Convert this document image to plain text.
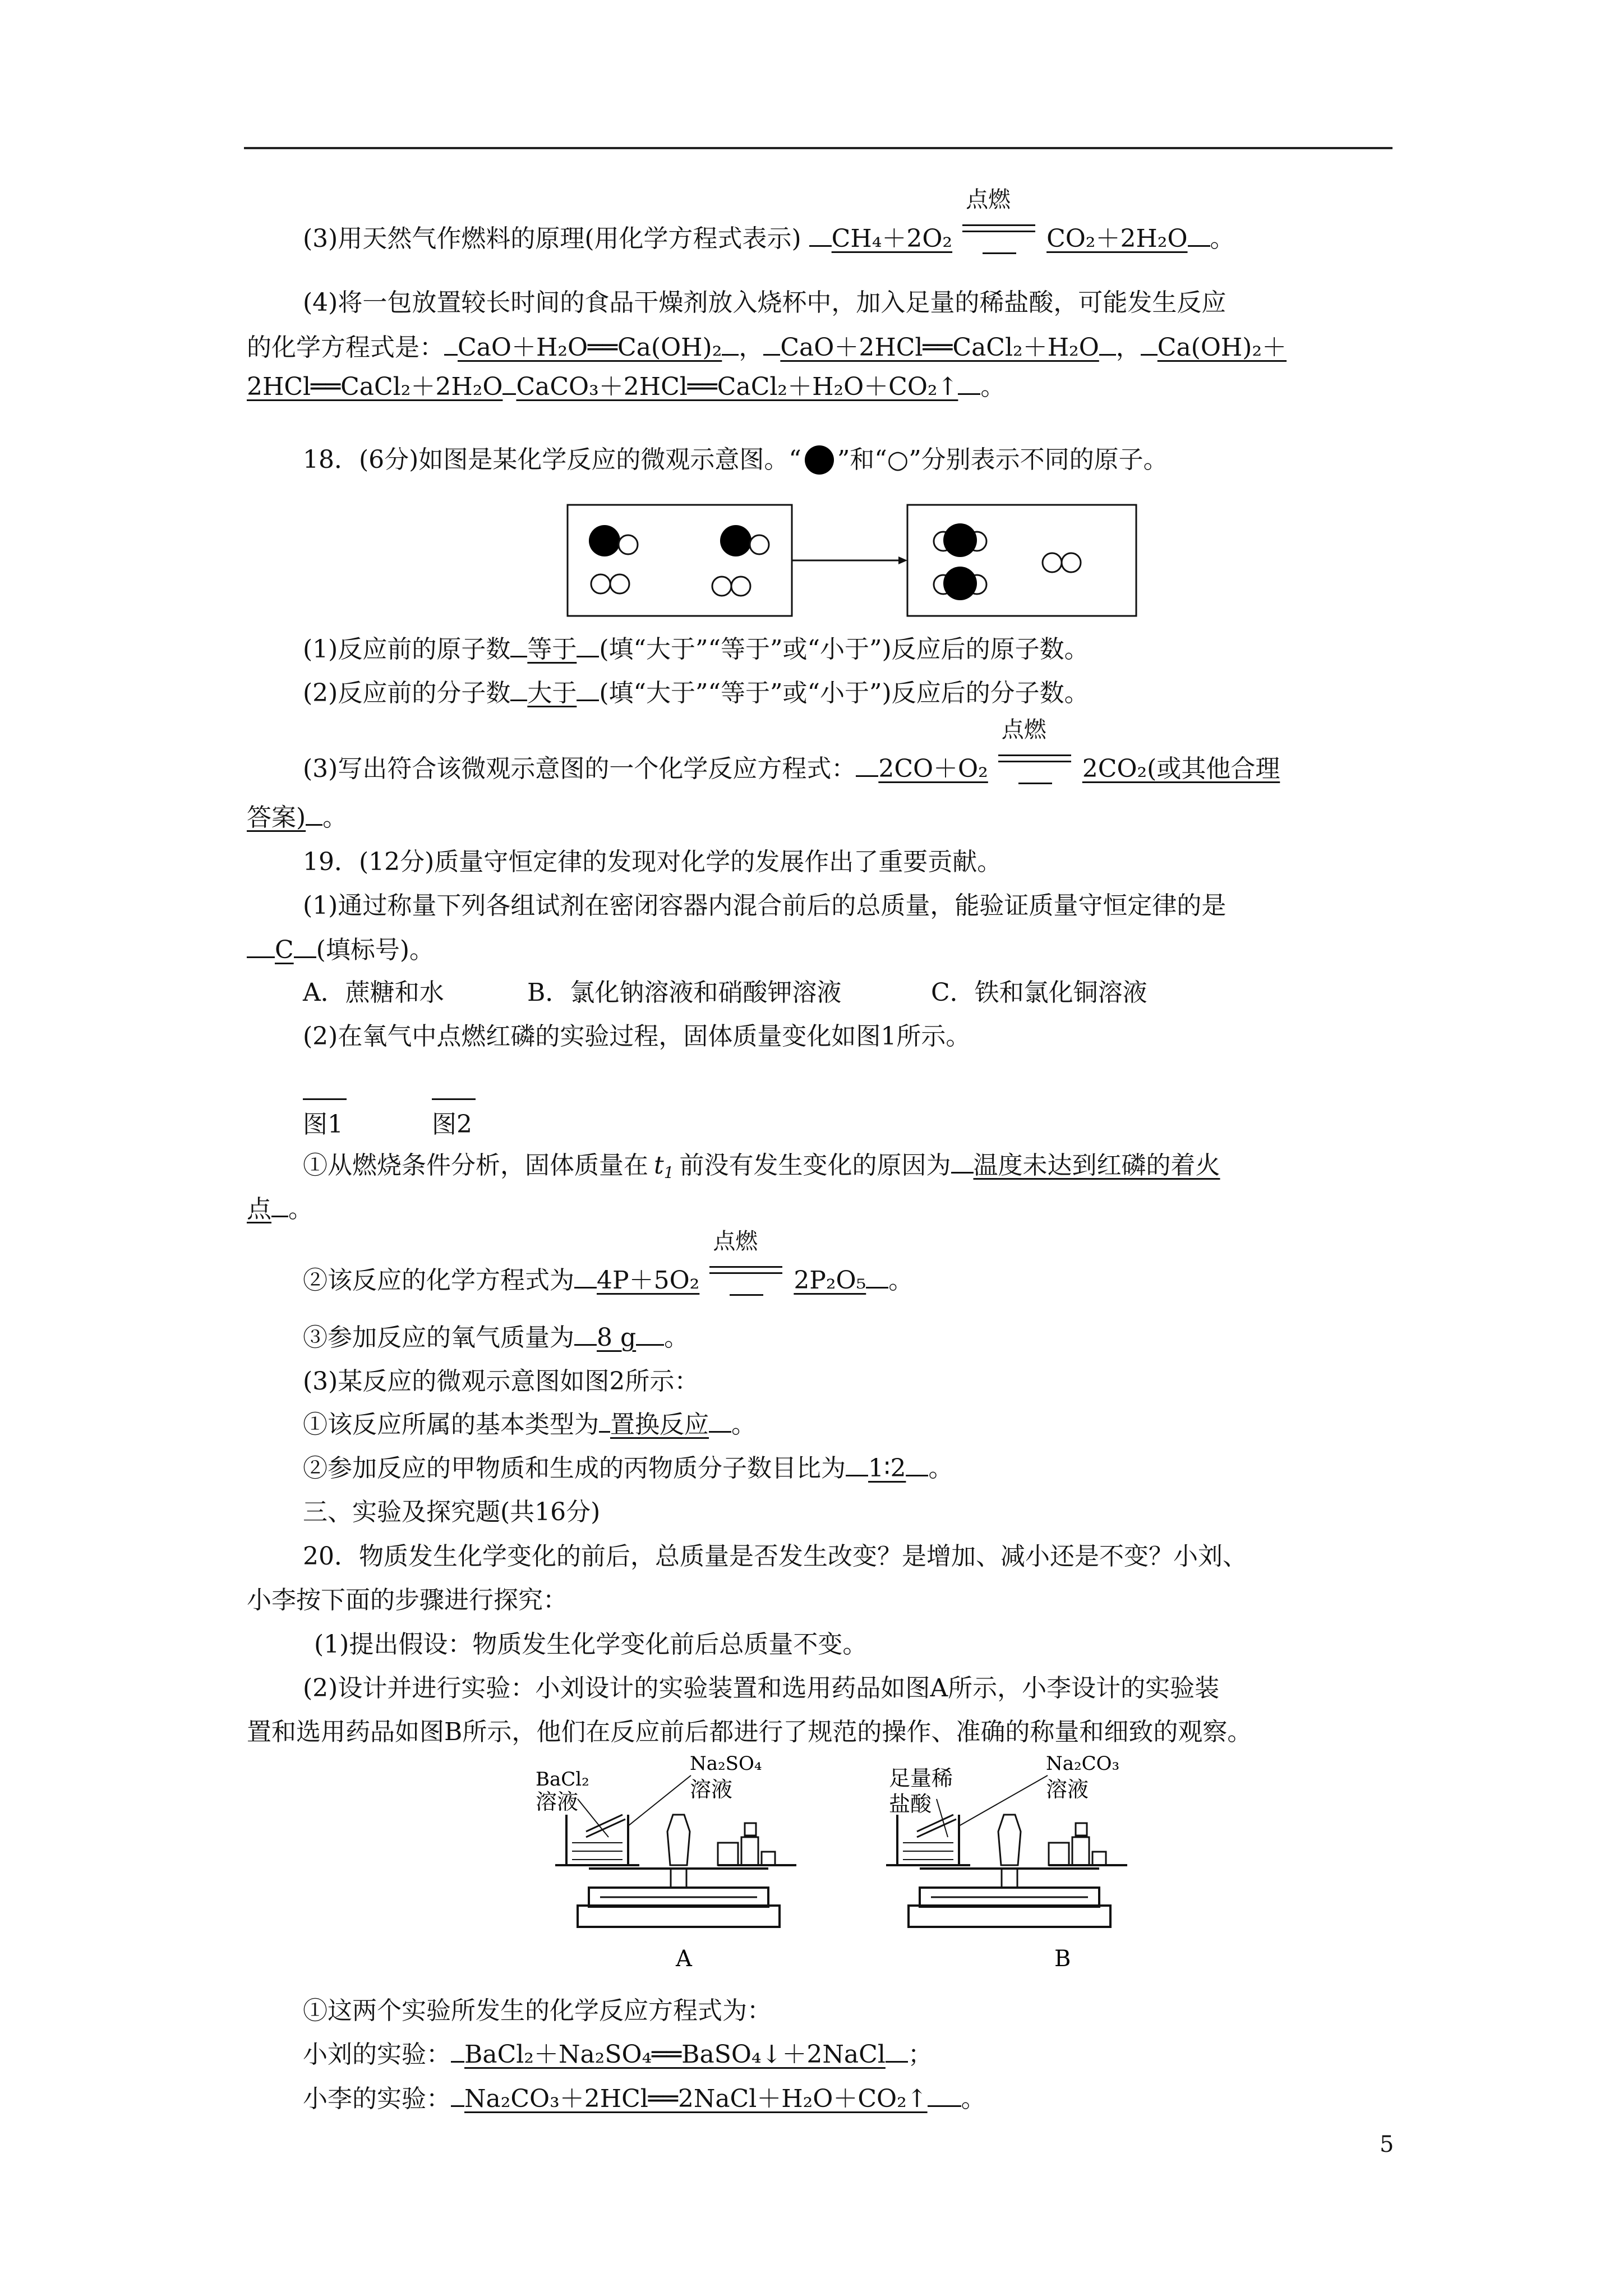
(3)用天然气作燃料的原理(用化学方程式表示) CH₄＋2O₂
点燃
CO₂＋2H₂O 。
(4)将一包放置较长时间的食品干燥剂放入烧杯中，加入足量的稀盐酸，可能发生反应
的化学方程式是： CaO＋H₂O══Ca(OH)₂ ， CaO＋2HCl══CaCl₂＋H₂O ， Ca(OH)₂＋
2HCl══CaCl₂＋2H₂O CaCO₃＋2HCl══CaCl₂＋H₂O＋CO₂↑ 。
18．(6分)如图是某化学反应的微观示意图。“ ”和“○”分别表示不同的原子。
(1)反应前的原子数 等于 (填“大于”“等于”或“小于”)反应后的原子数。
(2)反应前的分子数 大于 (填“大于”“等于”或“小于”)反应后的分子数。
(3)写出符合该微观示意图的一个化学反应方程式： 2CO＋O₂
点燃
2CO₂(或其他合理
答案) 。
19．(12分)质量守恒定律的发现对化学的发展作出了重要贡献。
(1)通过称量下列各组试剂在密闭容器内混合前后的总质量，能验证质量守恒定律的是
C (填标号)。
A．蔗糖和水	B．氯化钠溶液和硝酸钾溶液	C．铁和氯化铜溶液
(2)在氧气中点燃红磷的实验过程，固体质量变化如图1所示。
图1	图2
①从燃烧条件分析，固体质量在 $t_1$ 前没有发生变化的原因为 温度未达到红磷的着火
点 。
②该反应的化学方程式为 4P＋5O₂
点燃
2P₂O₅ 。
③参加反应的氧气质量为 8 g 。
(3)某反应的微观示意图如图2所示：
①该反应所属的基本类型为 置换反应 。
②参加反应的甲物质和生成的丙物质分子数目比为 1∶2 。
三、实验及探究题(共16分)
20．物质发生化学变化的前后，总质量是否发生改变？是增加、减小还是不变？小刘、
小李按下面的步骤进行探究：
(1)提出假设：物质发生化学变化前后总质量不变。
(2)设计并进行实验：小刘设计的实验装置和选用药品如图A所示，小李设计的实验装
置和选用药品如图B所示，他们在反应前后都进行了规范的操作、准确的称量和细致的观察。
BaCl₂
溶液
Na₂SO₄
溶液
A
足量稀
盐酸
Na₂CO₃
溶液
B
①这两个实验所发生的化学反应方程式为：
小刘的实验： BaCl₂＋Na₂SO₄══BaSO₄↓＋2NaCl ；
小李的实验： Na₂CO₃＋2HCl══2NaCl＋H₂O＋CO₂↑ 。
5
